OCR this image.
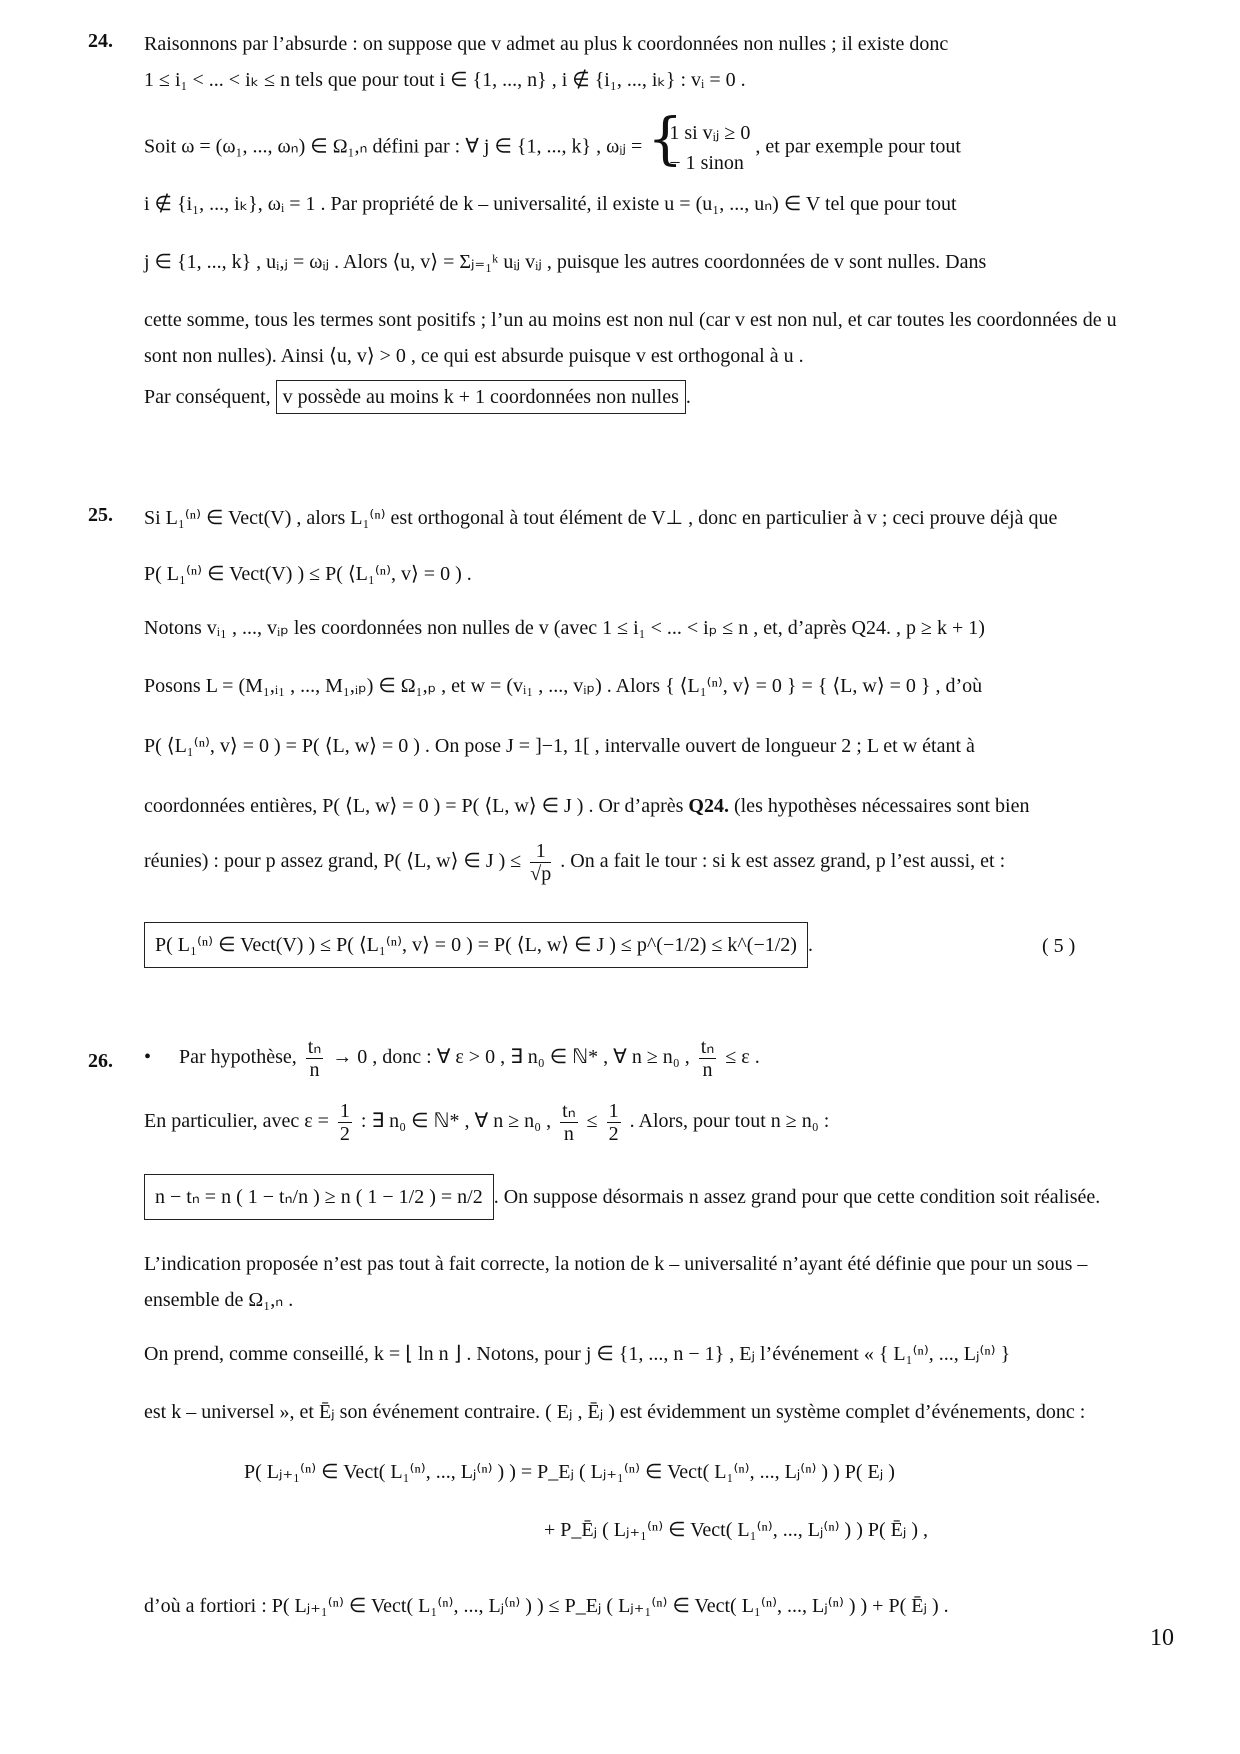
24. Raisonnons par l’absurde : on suppose que v admet au plus k coordonnées non nulles ; il existe donc
1 ≤ i₁ < ... < iₖ ≤ n tels que pour tout i ∈ {1, ..., n} , i ∉ {i₁, ..., iₖ} : vᵢ = 0 .
Soit ω = (ω₁, ..., ωₙ) ∈ Ω₁,ₙ défini par : ∀ j ∈ {1, ..., k} , ωᵢⱼ = {
1 si vᵢⱼ ≥ 0
− 1 sinon
, et par exemple pour tout
i ∉ {i₁, ..., iₖ}, ωᵢ = 1 . Par propriété de k – universalité, il existe u = (u₁, ..., uₙ) ∈ V tel que pour tout
j ∈ {1, ..., k} , uᵢ,ⱼ = ωᵢⱼ . Alors ⟨u, v⟩ = Σⱼ₌₁ᵏ uᵢⱼ vᵢⱼ , puisque les autres coordonnées de v sont nulles. Dans
cette somme, tous les termes sont positifs ; l’un au moins est non nul (car v est non nul, et car toutes les coordonnées de u
sont non nulles). Ainsi ⟨u, v⟩ > 0 , ce qui est absurde puisque v est orthogonal à u .
Par conséquent, v possède au moins k + 1 coordonnées non nulles .
25. Si L₁⁽ⁿ⁾ ∈ Vect(V) , alors L₁⁽ⁿ⁾ est orthogonal à tout élément de V⊥ , donc en particulier à v ; ceci prouve déjà que
P( L₁⁽ⁿ⁾ ∈ Vect(V) ) ≤ P( ⟨L₁⁽ⁿ⁾, v⟩ = 0 ) .
Notons vᵢ₁ , ..., vᵢₚ les coordonnées non nulles de v (avec 1 ≤ i₁ < ... < iₚ ≤ n , et, d’après Q24. , p ≥ k + 1)
Posons L = (M₁,ᵢ₁ , ..., M₁,ᵢₚ) ∈ Ω₁,ₚ , et w = (vᵢ₁ , ..., vᵢₚ) . Alors { ⟨L₁⁽ⁿ⁾, v⟩ = 0 } = { ⟨L, w⟩ = 0 } , d’où
P( ⟨L₁⁽ⁿ⁾, v⟩ = 0 ) = P( ⟨L, w⟩ = 0 ) . On pose J = ]−1, 1[ , intervalle ouvert de longueur 2 ; L et w étant à
coordonnées entières, P( ⟨L, w⟩ = 0 ) = P( ⟨L, w⟩ ∈ J ) . Or d’après Q24. (les hypothèses nécessaires sont bien
réunies) : pour p assez grand, P( ⟨L, w⟩ ∈ J ) ≤ $\frac{1}{√p}$ . On a fait le tour : si k est assez grand, p l’est aussi, et :
P( L₁⁽ⁿ⁾ ∈ Vect(V) ) ≤ P( ⟨L₁⁽ⁿ⁾, v⟩ = 0 ) = P( ⟨L, w⟩ ∈ J ) ≤ p^(−1/2) ≤ k^(−1/2) .	( 5 )
26. • Par hypothèse, $\frac{\text{tₙ}}{n} \to 0$ , donc : ∀ ε > 0 , ∃ n₀ ∈ ℕ* , ∀ n ≥ n₀ , $\frac{\text{tₙ}}{n} \le \varepsilon$ .
En particulier, avec $\varepsilon = \frac{1}{2}$ : ∃ n₀ ∈ ℕ* , ∀ n ≥ n₀ , $\frac{\text{tₙ}}{n} \le \frac{1}{2}$ . Alors, pour tout n ≥ n₀ :
n − tₙ = n ( 1 − tₙ/n ) ≥ n ( 1 − 1/2 ) = n/2 . On suppose désormais n assez grand pour que cette condition soit réalisée.
L’indication proposée n’est pas tout à fait correcte, la notion de k – universalité n’ayant été définie que pour un sous –
ensemble de Ω₁,ₙ .
On prend, comme conseillé, k = ⌊ ln n ⌋ . Notons, pour j ∈ {1, ..., n − 1} , Eⱼ l’événement « { L₁⁽ⁿ⁾, ..., Lⱼ⁽ⁿ⁾ }
est k – universel », et Ēⱼ son événement contraire. ( Eⱼ , Ēⱼ ) est évidemment un système complet d’événements, donc :
P( Lⱼ₊₁⁽ⁿ⁾ ∈ Vect( L₁⁽ⁿ⁾, ..., Lⱼ⁽ⁿ⁾ ) ) = P_Eⱼ ( Lⱼ₊₁⁽ⁿ⁾ ∈ Vect( L₁⁽ⁿ⁾, ..., Lⱼ⁽ⁿ⁾ ) ) P( Eⱼ )
+ P_Ēⱼ ( Lⱼ₊₁⁽ⁿ⁾ ∈ Vect( L₁⁽ⁿ⁾, ..., Lⱼ⁽ⁿ⁾ ) ) P( Ēⱼ ) ,
d’où a fortiori : P( Lⱼ₊₁⁽ⁿ⁾ ∈ Vect( L₁⁽ⁿ⁾, ..., Lⱼ⁽ⁿ⁾ ) ) ≤ P_Eⱼ ( Lⱼ₊₁⁽ⁿ⁾ ∈ Vect( L₁⁽ⁿ⁾, ..., Lⱼ⁽ⁿ⁾ ) ) + P( Ēⱼ ) .
10
